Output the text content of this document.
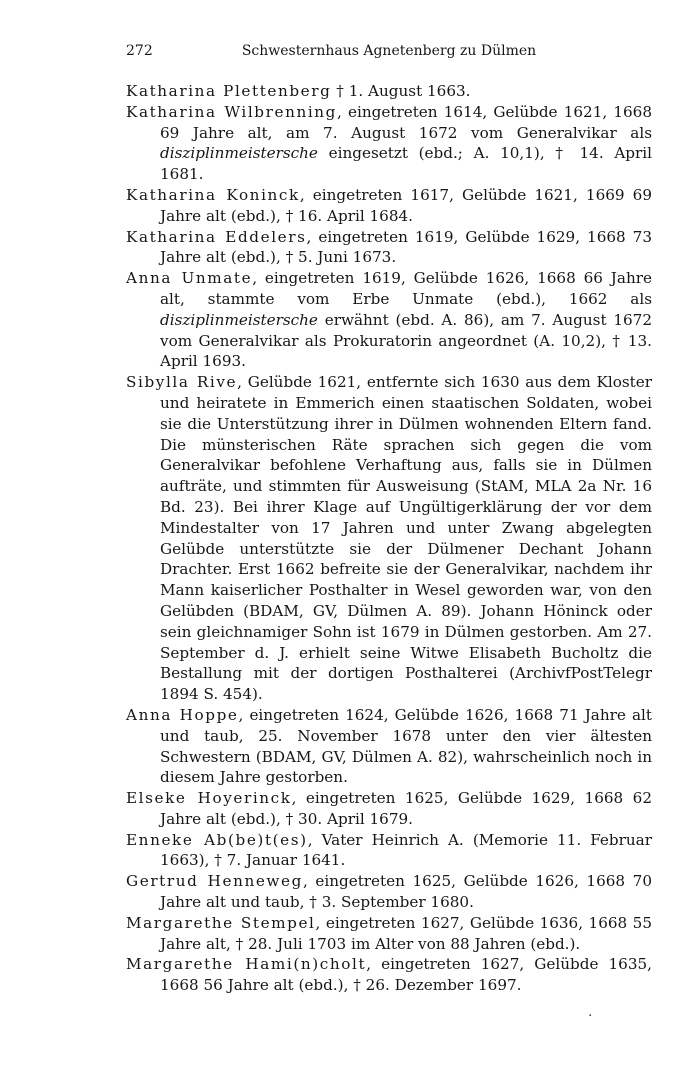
272	Schwesternhaus Agnetenberg zu Dülmen

Katharina Plettenberg † 1. August 1663.

Katharina Wilbrenning, eingetreten 1614, Gelübde 1621, 1668 69 Jahre alt, am 7. August 1672 vom Generalvikar als disziplinmeistersche eingesetzt (ebd.; A. 10,1), † 14. April 1681.

Katharina Koninck, eingetreten 1617, Gelübde 1621, 1669 69 Jahre alt (ebd.), † 16. April 1684.

Katharina Eddelers, eingetreten 1619, Gelübde 1629, 1668 73 Jahre alt (ebd.), † 5. Juni 1673.

Anna Unmate, eingetreten 1619, Gelübde 1626, 1668 66 Jahre alt, stammte vom Erbe Unmate (ebd.), 1662 als disziplinmeistersche erwähnt (ebd. A. 86), am 7. August 1672 vom Generalvikar als Prokuratorin angeordnet (A. 10,2), † 13. April 1693.

Sibylla Rive, Gelübde 1621, entfernte sich 1630 aus dem Kloster und heiratete in Emmerich einen staatischen Soldaten, wobei sie die Unterstützung ihrer in Dülmen wohnenden Eltern fand. Die münsterischen Räte sprachen sich gegen die vom Generalvikar befohlene Verhaftung aus, falls sie in Dülmen aufträte, und stimmten für Ausweisung (StAM, MLA 2a Nr. 16 Bd. 23). Bei ihrer Klage auf Ungültigerklärung der vor dem Mindestalter von 17 Jahren und unter Zwang abgelegten Gelübde unterstützte sie der Dülmener Dechant Johann Drachter. Erst 1662 befreite sie der Generalvikar, nachdem ihr Mann kaiserlicher Posthalter in Wesel geworden war, von den Gelübden (BDAM, GV, Dülmen A. 89). Johann Höninck oder sein gleichnamiger Sohn ist 1679 in Dülmen gestorben. Am 27. September d. J. erhielt seine Witwe Elisabeth Bucholtz die Bestallung mit der dortigen Posthalterei (ArchivfPostTelegr 1894 S. 454).

Anna Hoppe, eingetreten 1624, Gelübde 1626, 1668 71 Jahre alt und taub, 25. November 1678 unter den vier ältesten Schwestern (BDAM, GV, Dülmen A. 82), wahrscheinlich noch in diesem Jahre gestorben.

Elseke Hoyerinck, eingetreten 1625, Gelübde 1629, 1668 62 Jahre alt (ebd.), † 30. April 1679.

Enneke Ab(be)t(es), Vater Heinrich A. (Memorie 11. Februar 1663), † 7. Januar 1641.

Gertrud Henneweg, eingetreten 1625, Gelübde 1626, 1668 70 Jahre alt und taub, † 3. September 1680.

Margarethe Stempel, eingetreten 1627, Gelübde 1636, 1668 55 Jahre alt, † 28. Juli 1703 im Alter von 88 Jahren (ebd.).

Margarethe Hami(n)cholt, eingetreten 1627, Gelübde 1635, 1668 56 Jahre alt (ebd.), † 26. Dezember 1697.

·
